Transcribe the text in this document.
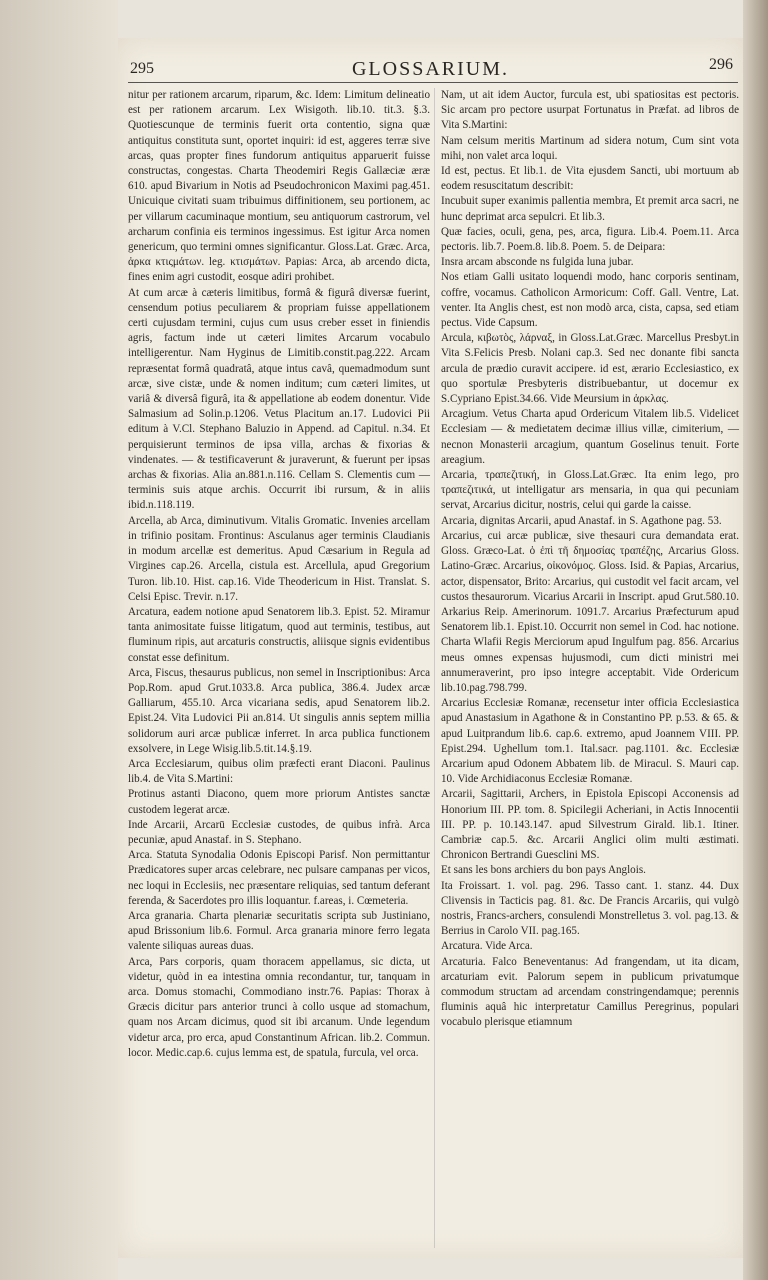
295	GLOSSARIUM.	296

nitur per rationem arcarum, riparum, &c. Idem: Limitum delineatio est per rationem arcarum. Lex Wisigoth. lib.10. tit.3. §.3. Quotiescunque de terminis fuerit orta contentio, signa quæ antiquitus constituta sunt, oportet inquiri: id est, aggeres terræ sive arcas, quas propter fines fundorum antiquitus apparuerit fuisse constructas, congestas. Charta Theodemiri Regis Gallæciæ æræ 610. apud Bivarium in Notis ad Pseudochronicon Maximi pag.451. Unicuique civitati suam tribuimus diffinitionem, seu portionem, ac per villarum cacuminaque montium, seu antiquorum castrorum, vel archarum confinia eis terminos ingessimus. Est igitur Arca nomen genericum, quo termini omnes significantur. Gloss.Lat. Græc. Arca, ἀρκα κτιςμάτων. leg. κτισμάτων. Papias: Arca, ab arcendo dicta, fines enim agri custodit, eosque adiri prohibet.

At cum arcæ à cæteris limitibus, formâ & figurâ diversæ fuerint, censendum potius peculiarem & propriam fuisse appellationem certi cujusdam termini, cujus cum usus creber esset in finiendis agris, factum inde ut cæteri limites Arcarum vocabulo intelligerentur. Nam Hyginus de Limitib.constit.pag.222. Arcam repræsentat formâ quadratâ, atque intus cavâ, quemadmodum sunt arcæ, sive cistæ, unde & nomen inditum; cum cæteri limites, ut variâ & diversâ figurâ, ita & appellatione ab eodem donentur. Vide Salmasium ad Solin.p.1206. Vetus Placitum an.17. Ludovici Pii editum à V.Cl. Stephano Baluzio in Append. ad Capitul. n.34. Et perquisierunt terminos de ipsa villa, archas & fixorias & vindenates. — & testificaverunt & juraverunt, & fuerunt per ipsas archas & fixorias. Alia an.881.n.116. Cellam S. Clementis cum — terminis suis atque archis. Occurrit ibi rursum, & in aliis ibid.n.118.119.

Arcella, ab Arca, diminutivum. Vitalis Gromatic. Invenies arcellam in trifinio positam. Frontinus: Asculanus ager terminis Claudianis in modum arcellæ est demeritus. Apud Cæsarium in Regula ad Virgines cap.26. Arcella, cistula est. Arcellula, apud Gregorium Turon. lib.10. Hist. cap.16. Vide Theodericum in Hist. Translat. S. Celsi Episc. Trevir. n.17.

Arcatura, eadem notione apud Senatorem lib.3. Epist. 52. Miramur tanta animositate fuisse litigatum, quod aut terminis, testibus, aut fluminum ripis, aut arcaturis constructis, aliisque signis evidentibus constat esse definitum.

Arca, Fiscus, thesaurus publicus, non semel in Inscriptionibus: Arca Pop.Rom. apud Grut.1033.8. Arca publica, 386.4. Judex arcæ Galliarum, 455.10. Arca vicariana sedis, apud Senatorem lib.2. Epist.24. Vita Ludovici Pii an.814. Ut singulis annis septem millia solidorum auri arcæ publicæ inferret. In arca publica functionem exsolvere, in Lege Wisig.lib.5.tit.14.§.19.

Arca Ecclesiarum, quibus olim præfecti erant Diaconi. Paulinus lib.4. de Vita S.Martini:

Protinus astanti Diacono, quem more priorum Antistes sanctæ custodem legerat arcæ.

Inde Arcarii, Arcarū Ecclesiæ custodes, de quibus infrà. Arca pecuniæ, apud Anastaf. in S. Stephano.

Arca. Statuta Synodalia Odonis Episcopi Parisf. Non permittantur Prædicatores super arcas celebrare, nec pulsare campanas per vicos, nec loqui in Ecclesiis, nec præsentare reliquias, sed tantum deferant ferenda, & Sacerdotes pro illis loquantur. f.areas, i. Cœmeteria.

Arca granaria. Charta plenariæ securitatis scripta sub Justiniano, apud Brissonium lib.6. Formul. Arca granaria minore ferro legata valente siliquas aureas duas.

Arca, Pars corporis, quam thoracem appellamus, sic dicta, ut videtur, quòd in ea intestina omnia recondantur, tur, tanquam in arca. Domus stomachi, Commodiano instr.76. Papias: Thorax à Græcis dicitur pars anterior trunci à collo usque ad stomachum, quam nos Arcam dicimus, quod sit ibi arcanum. Unde legendum videtur arca, pro erca, apud Constantinum African. lib.2. Commun. locor. Medic.cap.6. cujus lemma est, de spatula, furcula, vel orca.

Nam, ut ait idem Auctor, furcula est, ubi spatiositas est pectoris. Sic arcam pro pectore usurpat Fortunatus in Præfat. ad libros de Vita S.Martini:

Nam celsum meritis Martinum ad sidera notum, Cum sint vota mihi, non valet arca loqui.

Id est, pectus. Et lib.1. de Vita ejusdem Sancti, ubi mortuum ab eodem resuscitatum describit:

Incubuit super exanimis pallentia membra, Et premit arca sacri, ne hunc deprimat arca sepulcri. Et lib.3.

Quæ facies, oculi, gena, pes, arca, figura. Lib.4. Poem.11. Arca pectoris. lib.7. Poem.8. lib.8. Poem. 5. de Deipara:

Insra arcam absconde ns fulgida luna jubar.

Nos etiam Galli usitato loquendi modo, hanc corporis sentinam, coffre, vocamus. Catholicon Armoricum: Coff. Gall. Ventre, Lat. venter. Ita Anglis chest, est non modò arca, cista, capsa, sed etiam pectus. Vide Capsum.

Arcula, κιβωτὸς, λάρναξ, in Gloss.Lat.Græc. Marcellus Presbyt.in Vita S.Felicis Presb. Nolani cap.3. Sed nec donante fibi sancta arcula de prædio curavit accipere. id est, ærario Ecclesiastico, ex quo sportulæ Presbyteris distribuebantur, ut docemur ex S.Cypriano Epist.34.66. Vide Meursium in ἀρκλας.

Arcagium. Vetus Charta apud Ordericum Vitalem lib.5. Videlicet Ecclesiam — & medietatem decimæ illius villæ, cimiterium, — necnon Monasterii arcagium, quantum Goselinus tenuit. Forte areagium.

Arcaria, τραπεζιτική, in Gloss.Lat.Græc. Ita enim lego, pro τραπεζιτικά, ut intelligatur ars mensaria, in qua qui pecuniam servat, Arcarius dicitur, nostris, celui qui garde la caisse.

Arcaria, dignitas Arcarii, apud Anastaf. in S. Agathone pag. 53.

Arcarius, cui arcæ publicæ, sive thesauri cura demandata erat. Gloss. Græco-Lat. ὁ ἐπὶ τῆ δημοσίας τραπέζης, Arcarius Gloss. Latino-Græc. Arcarius, οἰκονόμος. Gloss. Isid. & Papias, Arcarius, actor, dispensator, Brito: Arcarius, qui custodit vel facit arcam, vel custos thesaurorum. Vicarius Arcarii in Inscript. apud Grut.580.10. Arkarius Reip. Amerinorum. 1091.7. Arcarius Præfecturum apud Senatorem lib.1. Epist.10. Occurrit non semel in Cod. hac notione. Charta Wlafii Regis Merciorum apud Ingulfum pag. 856. Arcarius meus omnes expensas hujusmodi, cum dicti ministri mei annumeraverint, pro ipso integre acceptabit. Vide Ordericum lib.10.pag.798.799.

Arcarius Ecclesiæ Romanæ, recensetur inter officia Ecclesiastica apud Anastasium in Agathone & in Constantino PP. p.53. & 65. & apud Luitprandum lib.6. cap.6. extremo, apud Joannem VIII. PP. Epist.294. Ughellum tom.1. Ital.sacr. pag.1101. &c. Ecclesiæ Arcarium apud Odonem Abbatem lib. de Miracul. S. Mauri cap. 10. Vide Archidiaconus Ecclesiæ Romanæ.

Arcarii, Sagittarii, Archers, in Epistola Episcopi Acconensis ad Honorium III. PP. tom. 8. Spicilegii Acheriani, in Actis Innocentii III. PP. p. 10.143.147. apud Silvestrum Girald. lib.1. Itiner. Cambriæ cap.5. &c. Arcarii Anglici olim multi æstimati. Chronicon Bertrandi Guesclini MS.

Et sans les bons archiers du bon pays Anglois.

Ita Froissart. 1. vol. pag. 296. Tasso cant. 1. stanz. 44. Dux Clivensis in Tacticis pag. 81. &c. De Francis Arcariis, qui vulgò nostris, Francs-archers, consulendi Monstrelletus 3. vol. pag.13. & Berrius in Carolo VII. pag.165.

Arcatura. Vide Arca.

Arcaturia. Falco Beneventanus: Ad frangendam, ut ita dicam, arcaturiam evit. Palorum sepem in publicum privatumque commodum structam ad arcendam constringendamque; perennis fluminis aquâ hic interpretatur Camillus Peregrinus, populari vocabulo plerisque etiamnum
